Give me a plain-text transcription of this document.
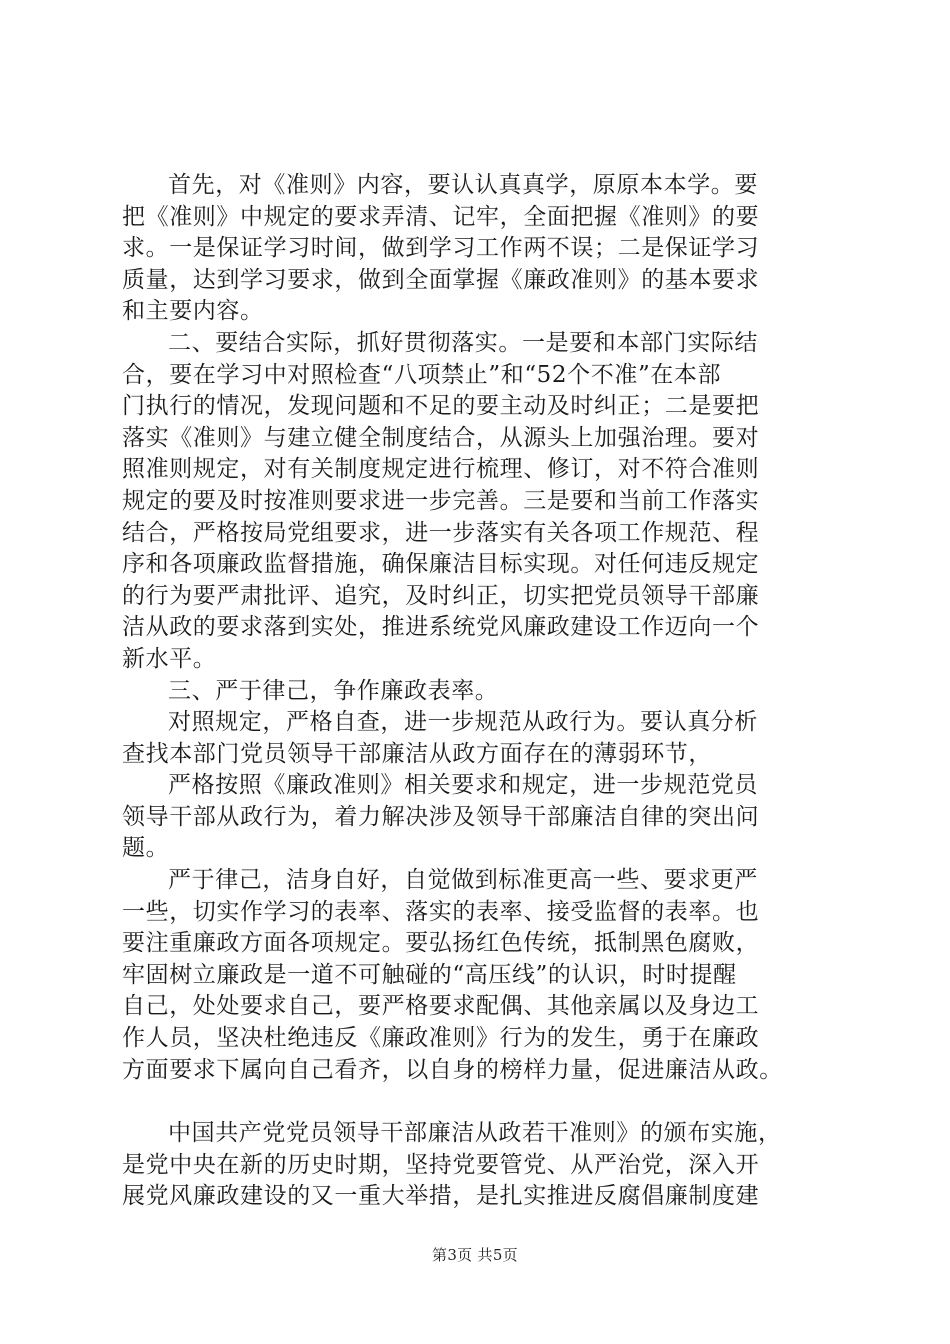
首先，对《准则》内容，要认认真真学，原原本本学。要
把《准则》中规定的要求弄清、记牢，全面把握《准则》的要
求。一是保证学习时间，做到学习工作两不误；二是保证学习
质量，达到学习要求，做到全面掌握《廉政准则》的基本要求
和主要内容。
二、要结合实际，抓好贯彻落实。一是要和本部门实际结
合，要在学习中对照检查“八项禁止”和“52个不准”在本部
门执行的情况，发现问题和不足的要主动及时纠正；二是要把
落实《准则》与建立健全制度结合，从源头上加强治理。要对
照准则规定，对有关制度规定进行梳理、修订，对不符合准则
规定的要及时按准则要求进一步完善。三是要和当前工作落实
结合，严格按局党组要求，进一步落实有关各项工作规范、程
序和各项廉政监督措施，确保廉洁目标实现。对任何违反规定
的行为要严肃批评、追究，及时纠正，切实把党员领导干部廉
洁从政的要求落到实处，推进系统党风廉政建设工作迈向一个
新水平。
三、严于律己，争作廉政表率。
对照规定，严格自查，进一步规范从政行为。要认真分析
查找本部门党员领导干部廉洁从政方面存在的薄弱环节，
严格按照《廉政准则》相关要求和规定，进一步规范党员
领导干部从政行为，着力解决涉及领导干部廉洁自律的突出问
题。
严于律己，洁身自好，自觉做到标准更高一些、要求更严
一些，切实作学习的表率、落实的表率、接受监督的表率。也
要注重廉政方面各项规定。要弘扬红色传统，抵制黑色腐败，
牢固树立廉政是一道不可触碰的“高压线”的认识，时时提醒
自己，处处要求自己，要严格要求配偶、其他亲属以及身边工
作人员，坚决杜绝违反《廉政准则》行为的发生，勇于在廉政
方面要求下属向自己看齐，以自身的榜样力量，促进廉洁从政。
中国共产党党员领导干部廉洁从政若干准则》的颁布实施，
是党中央在新的历史时期，坚持党要管党、从严治党，深入开
展党风廉政建设的又一重大举措，是扎实推进反腐倡廉制度建
第3页 共5页
